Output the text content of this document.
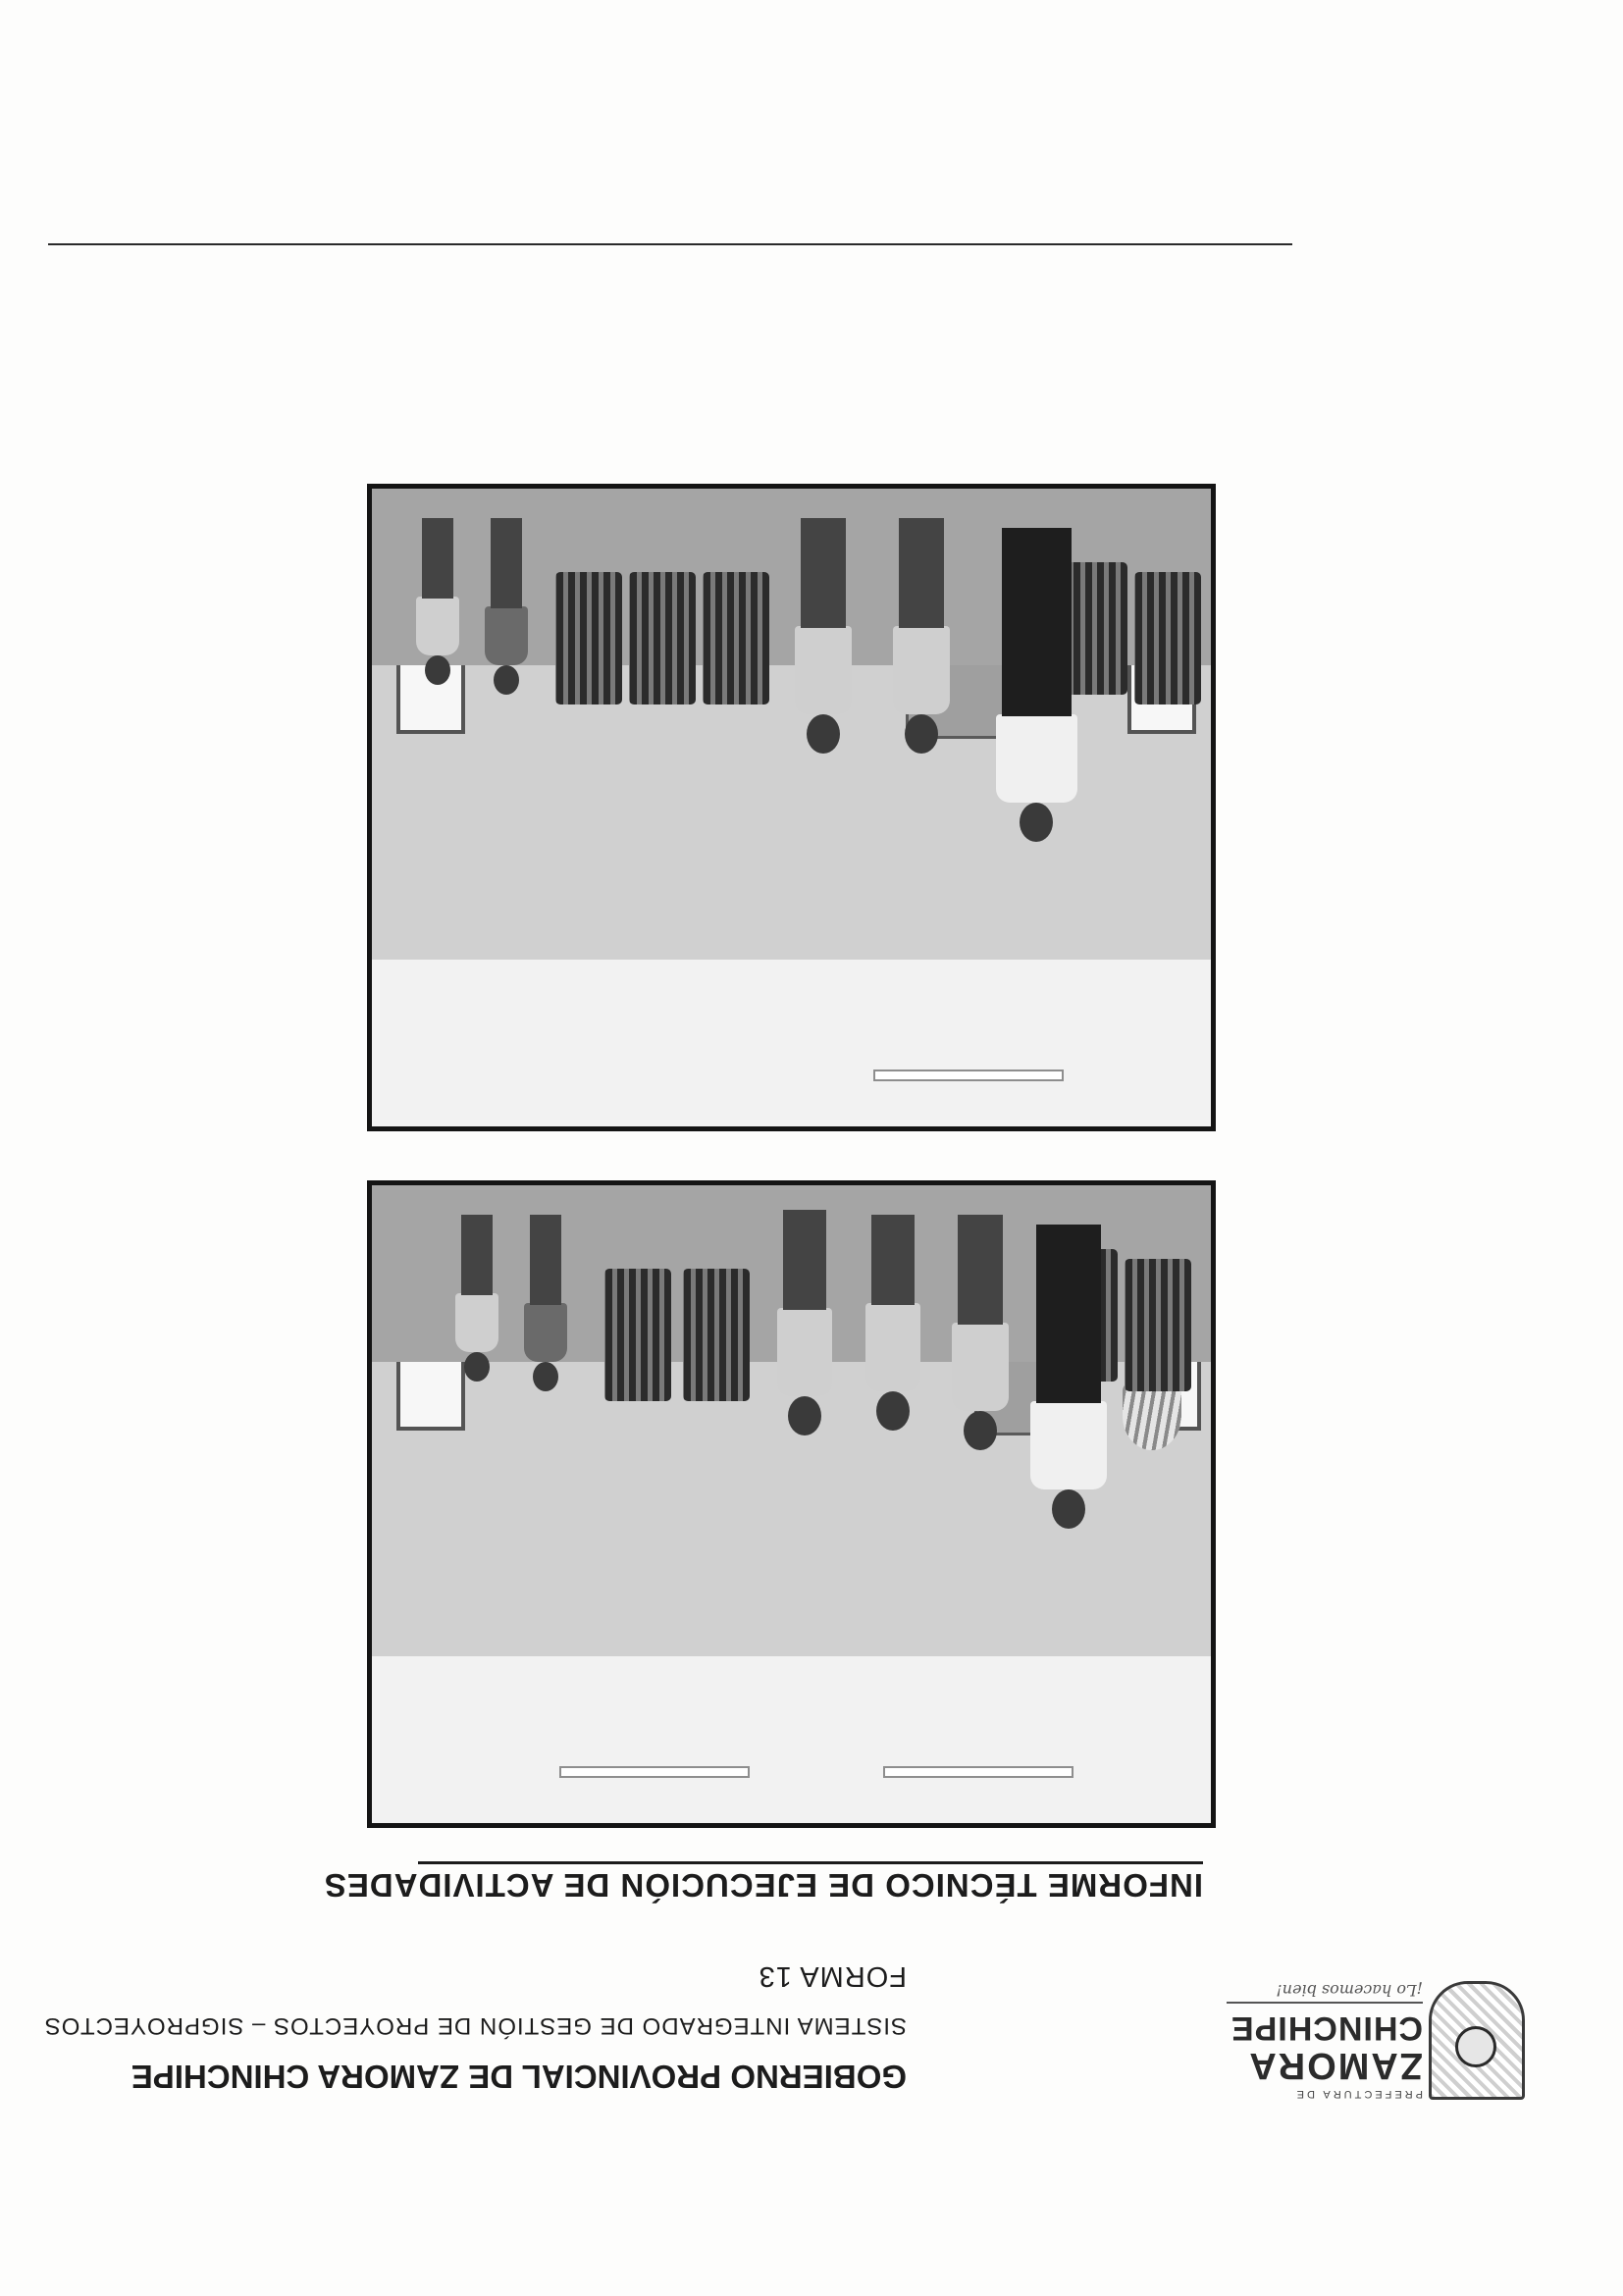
PREFECTURA DE
ZAMORA
CHINCHIPE
¡Lo hacemos bien!
GOBIERNO PROVINCIAL DE ZAMORA CHINCHIPE
SISTEMA INTEGRADO DE GESTIÓN DE PROYECTOS – SIGPROYECTOS
FORMA 13
INFORME TÉCNICO DE EJECUCIÓN DE ACTIVIDADES
